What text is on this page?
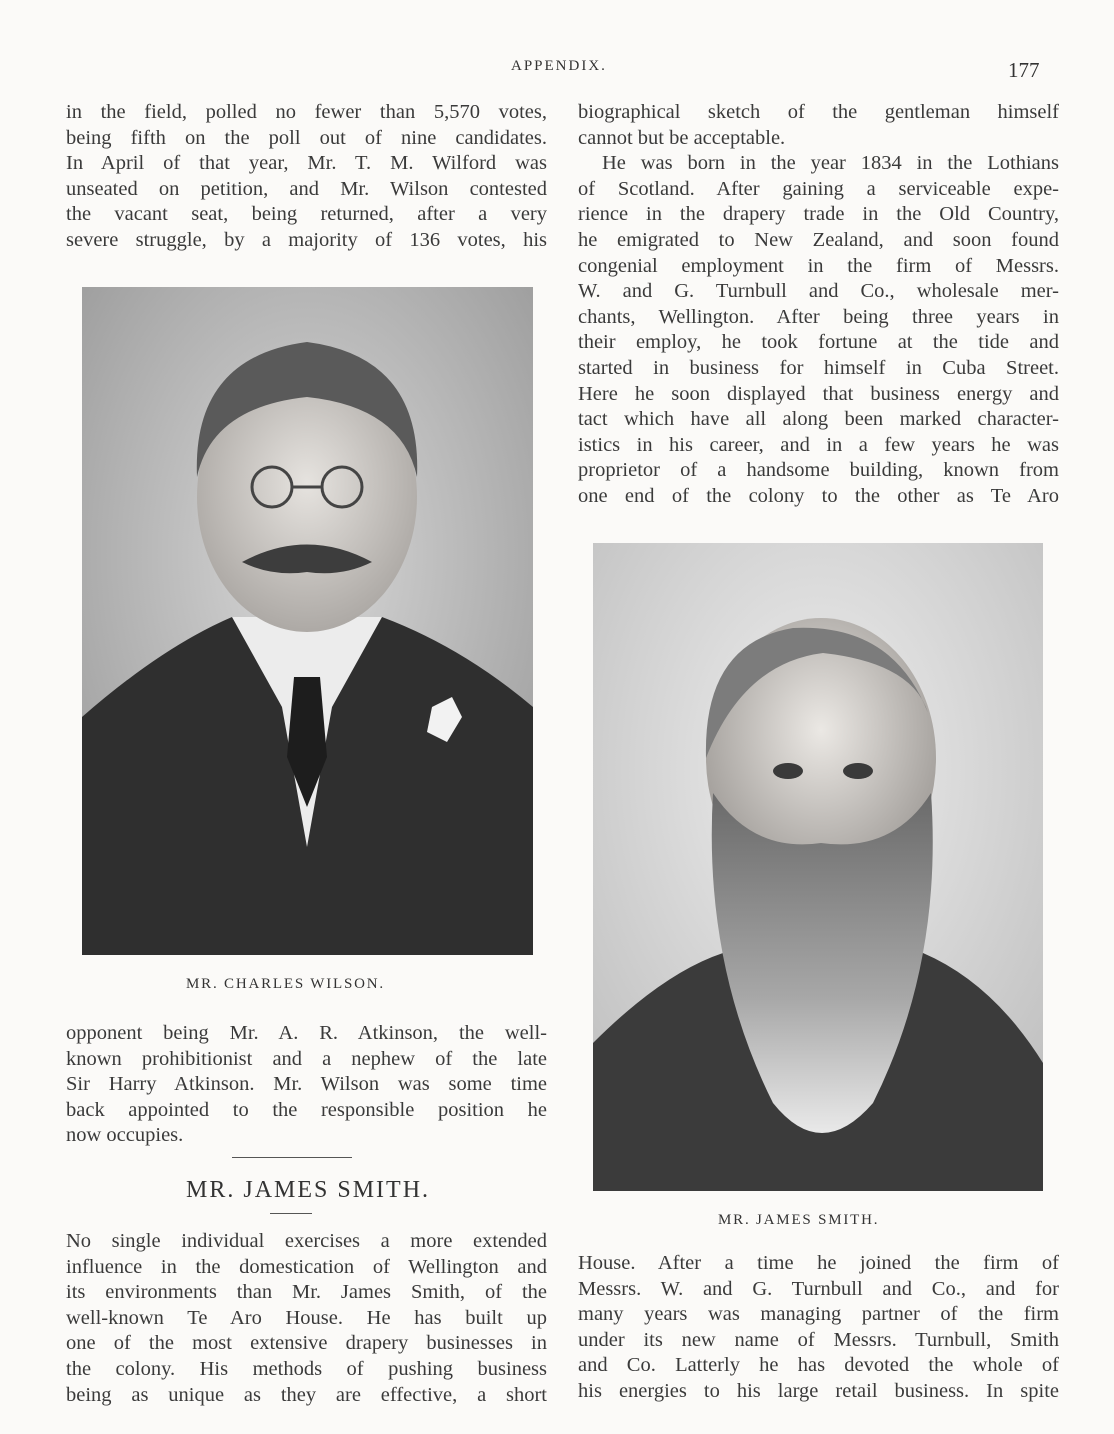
APPENDIX.	177
in the field, polled no fewer than 5,570 votes,
being fifth on the poll out of nine candidates.
In April of that year, Mr. T. M. Wilford was
unseated on petition, and Mr. Wilson contested
the vacant seat, being returned, after a very
severe struggle, by a majority of 136 votes, his
MR. CHARLES WILSON.
opponent being Mr. A. R. Atkinson, the well-
known prohibitionist and a nephew of the late
Sir Harry Atkinson. Mr. Wilson was some time
back appointed to the responsible position he
now occupies.
MR. JAMES SMITH.
No single individual exercises a more extended
influence in the domestication of Wellington and
its environments than Mr. James Smith, of the
well-known Te Aro House. He has built up
one of the most extensive drapery businesses in
the colony. His methods of pushing business
being as unique as they are effective, a short
biographical sketch of the gentleman himself
cannot but be acceptable.
He was born in the year 1834 in the Lothians
of Scotland. After gaining a serviceable expe-
rience in the drapery trade in the Old Country,
he emigrated to New Zealand, and soon found
congenial employment in the firm of Messrs.
W. and G. Turnbull and Co., wholesale mer-
chants, Wellington. After being three years in
their employ, he took fortune at the tide and
started in business for himself in Cuba Street.
Here he soon displayed that business energy and
tact which have all along been marked character-
istics in his career, and in a few years he was
proprietor of a handsome building, known from
one end of the colony to the other as Te Aro
MR. JAMES SMITH.
House. After a time he joined the firm of
Messrs. W. and G. Turnbull and Co., and for
many years was managing partner of the firm
under its new name of Messrs. Turnbull, Smith
and Co. Latterly he has devoted the whole of
his energies to his large retail business. In spite
